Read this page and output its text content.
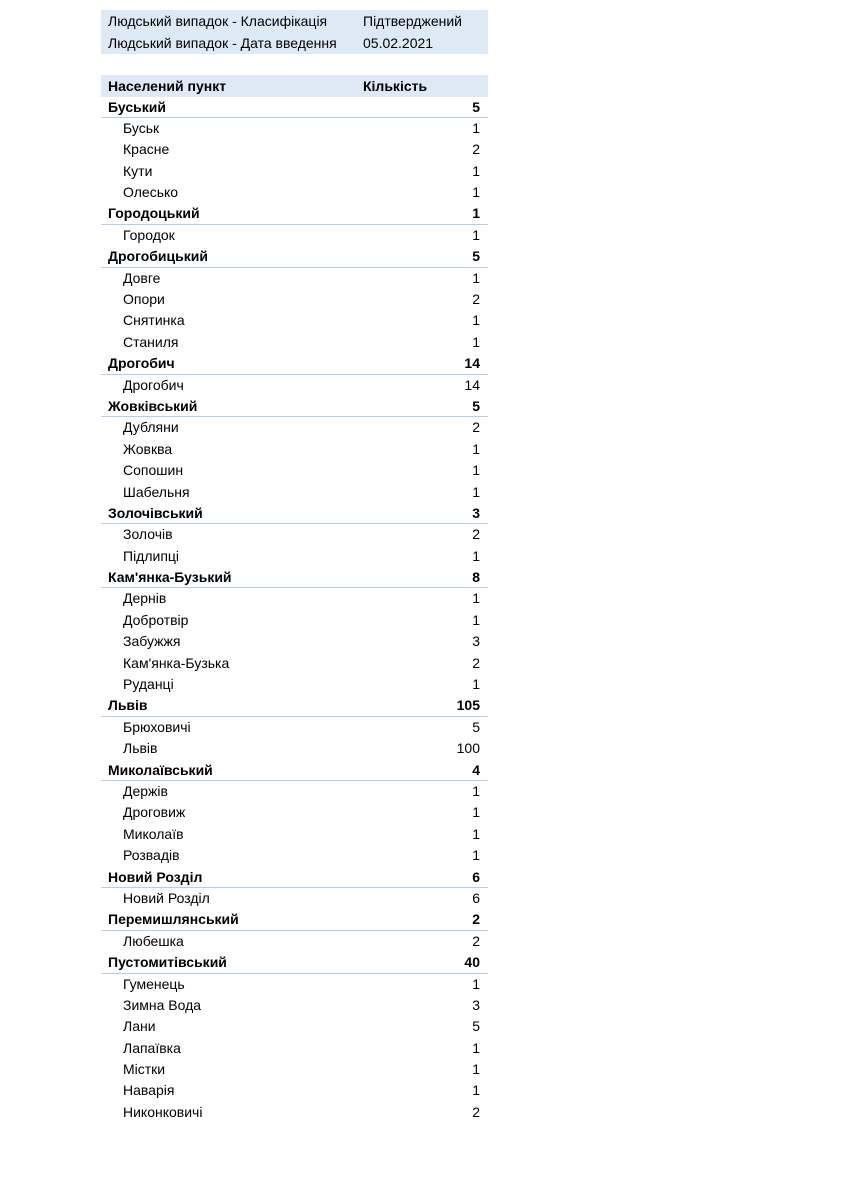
Людський випадок - Класифікація	Підтверджений
Людський випадок - Дата введення 05.02.2021
Населений пункт	Кількість
Буський	5
Буськ	1
Красне	2
Кути	1
Олесько	1
Городоцький	1
Городок	1
Дрогобицький	5
Довге	1
Опори	2
Снятинка	1
Станиля	1
Дрогобич	14
Дрогобич	14
Жовківський	5
Дубляни	2
Жовква	1
Сопошин	1
Шабельня	1
Золочівський	3
Золочів	2
Підлипці	1
Кам'янка-Бузький	8
Дернів	1
Добротвір	1
Забужжя	3
Кам'янка-Бузька	2
Руданці	1
Львів	105
Брюховичі	5
Львів	100
Миколаївський	4
Держів	1
Дроговиж	1
Миколаїв	1
Розвадів	1
Новий Розділ	6
Новий Розділ	6
Перемишлянський	2
Любешка	2
Пустомитівський	40
Гуменець	1
Зимна Вода	3
Лани	5
Лапаївка	1
Містки	1
Наварія	1
Никонковичі	2
